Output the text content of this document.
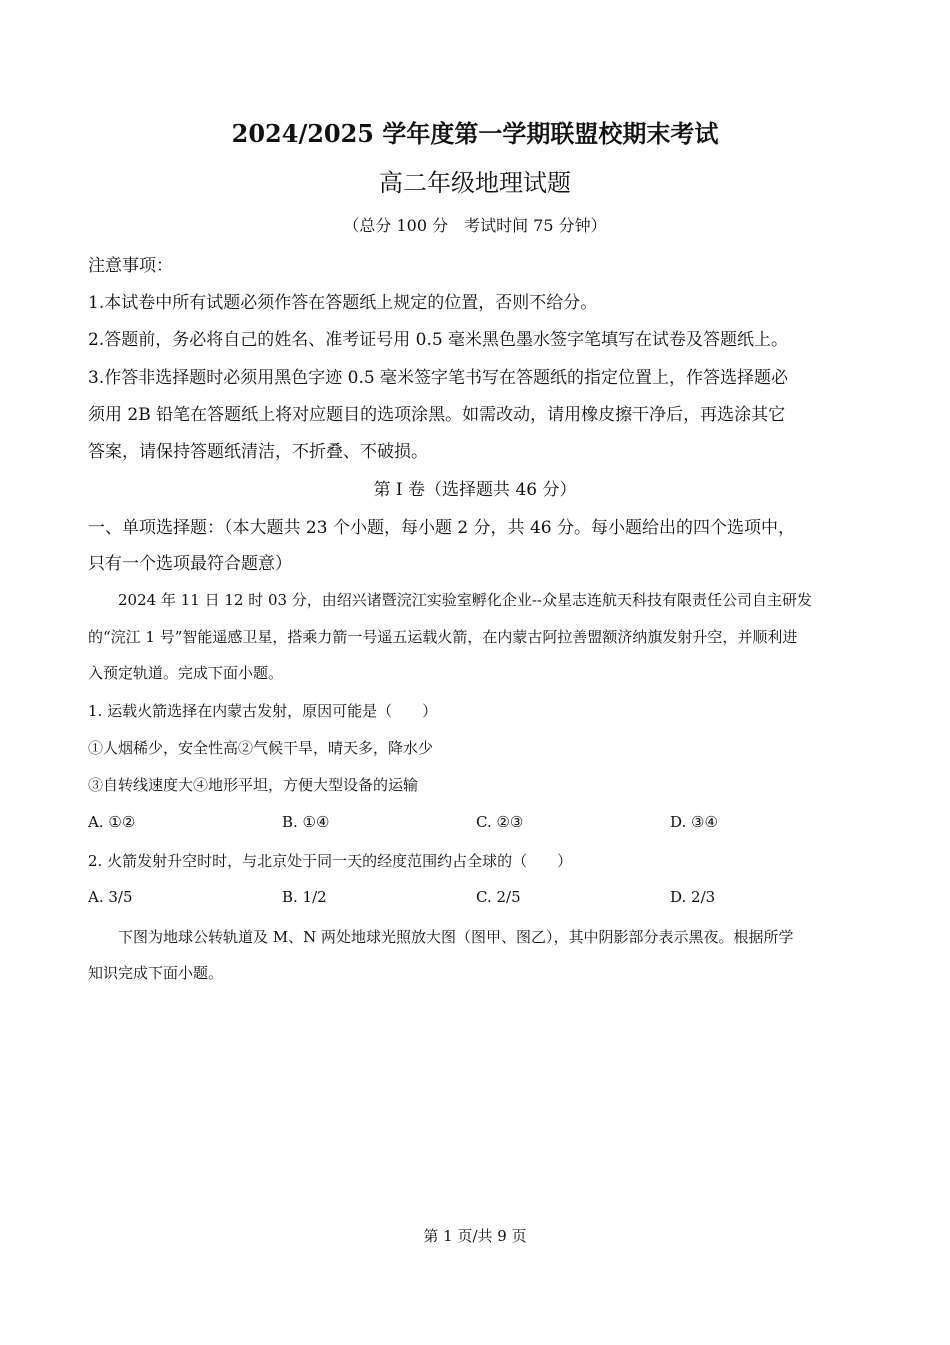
2024/2025 学年度第一学期联盟校期末考试
高二年级地理试题
（总分 100 分　考试时间 75 分钟）
注意事项：
1.本试卷中所有试题必须作答在答题纸上规定的位置，否则不给分。
2.答题前，务必将自己的姓名、准考证号用 0.5 毫米黑色墨水签字笔填写在试卷及答题纸上。
3.作答非选择题时必须用黑色字迹 0.5 毫米签字笔书写在答题纸的指定位置上，作答选择题必
须用 2B 铅笔在答题纸上将对应题目的选项涂黑。如需改动，请用橡皮擦干净后，再选涂其它
答案，请保持答题纸清洁，不折叠、不破损。
第 I 卷（选择题共 46 分）
一、单项选择题：（本大题共 23 个小题，每小题 2 分，共 46 分。每小题给出的四个选项中，
只有一个选项最符合题意）
2024 年 11 日 12 时 03 分，由绍兴诸暨浣江实验室孵化企业--众星志连航天科技有限责任公司自主研发
的“浣江 1 号”智能遥感卫星，搭乘力箭一号遥五运载火箭，在内蒙古阿拉善盟额济纳旗发射升空，并顺利进
入预定轨道。完成下面小题。
1. 运载火箭选择在内蒙古发射，原因可能是（　　）
①人烟稀少，安全性高②气候干旱，晴天多，降水少
③自转线速度大④地形平坦，方便大型设备的运输
A. ①②	B. ①④	C. ②③	D. ③④
2. 火箭发射升空时时，与北京处于同一天的经度范围约占全球的（　　）
A. 3/5	B. 1/2	C. 2/5	D. 2/3
下图为地球公转轨道及 M、N 两处地球光照放大图（图甲、图乙），其中阴影部分表示黑夜。根据所学
知识完成下面小题。
第 1 页/共 9 页
